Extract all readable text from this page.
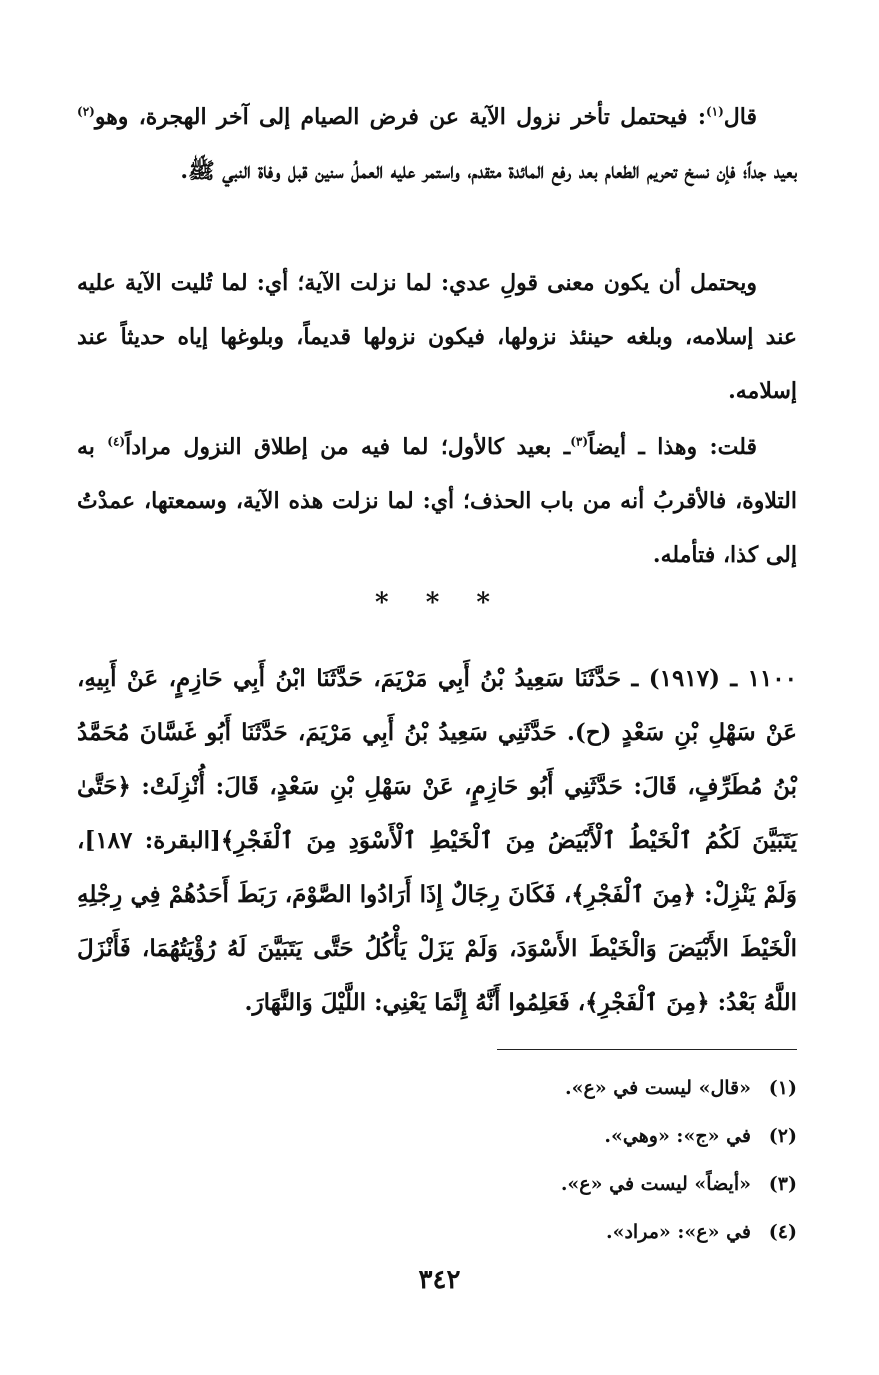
قال$^{(١)}$: فيحتمل تأخر نزول الآية عن فرض الصيام إلى آخر الهجرة، وهو$^{(٢)}$ بعيد جداً؛ فإن نسخ تحريم الطعام بعد رفع المائدة متقدم، واستمر عليه العملُ سنين قبل وفاة النبي ﷺ.

ويحتمل أن يكون معنى قولِ عدي: لما نزلت الآية؛ أي: لما تُليت الآية عليه عند إسلامه، وبلغه حينئذ نزولها، فيكون نزولها قديماً، وبلوغها إياه حديثاً عند إسلامه.

قلت: وهذا ـ أيضاً$^{(٣)}$ـ بعيد كالأول؛ لما فيه من إطلاق النزول مراداً$^{(٤)}$ به التلاوة، فالأقربُ أنه من باب الحذف؛ أي: لما نزلت هذه الآية، وسمعتها، عمدْتُ إلى كذا، فتأمله.

* * *

١١٠٠ ـ (١٩١٧) ـ حَدَّثَنَا سَعِيدُ بْنُ أَبِي مَرْيَمَ، حَدَّثَنَا ابْنُ أَبِي حَازِمٍ، عَنْ أَبِيهِ، عَنْ سَهْلِ بْنِ سَعْدٍ (ح). حَدَّثَنِي سَعِيدُ بْنُ أَبِي مَرْيَمَ، حَدَّثَنَا أَبُو غَسَّانَ مُحَمَّدُ بْنُ مُطَرِّفٍ، قَالَ: حَدَّثَنِي أَبُو حَازِمٍ، عَنْ سَهْلِ بْنِ سَعْدٍ، قَالَ: أُنْزِلَتْ: ﴿حَتَّىٰ يَتَبَيَّنَ لَكُمُ ٱلْخَيْطُ ٱلْأَبْيَضُ مِنَ ٱلْخَيْطِ ٱلْأَسْوَدِ مِنَ ٱلْفَجْرِ﴾[البقرة: ١٨٧]، وَلَمْ يَنْزِلْ: ﴿مِنَ ٱلْفَجْرِ﴾، فَكَانَ رِجَالٌ إِذَا أَرَادُوا الصَّوْمَ، رَبَطَ أَحَدُهُمْ فِي رِجْلِهِ الْخَيْطَ الأَبْيَضَ وَالْخَيْطَ الأَسْوَدَ، وَلَمْ يَزَلْ يَأْكُلُ حَتَّى يَتَبَيَّنَ لَهُ رُؤْيَتُهُمَا، فَأَنْزَلَ اللَّهُ بَعْدُ: ﴿مِنَ ٱلْفَجْرِ﴾، فَعَلِمُوا أَنَّهُ إِنَّمَا يَعْنِي: اللَّيْلَ وَالنَّهَارَ.

(١)
«قال» ليست في «ع».
(٢)
في «ج»: «وهي».
(٣)
«أيضاً» ليست في «ع».
(٤)
في «ع»: «مراد».
٣٤٢
